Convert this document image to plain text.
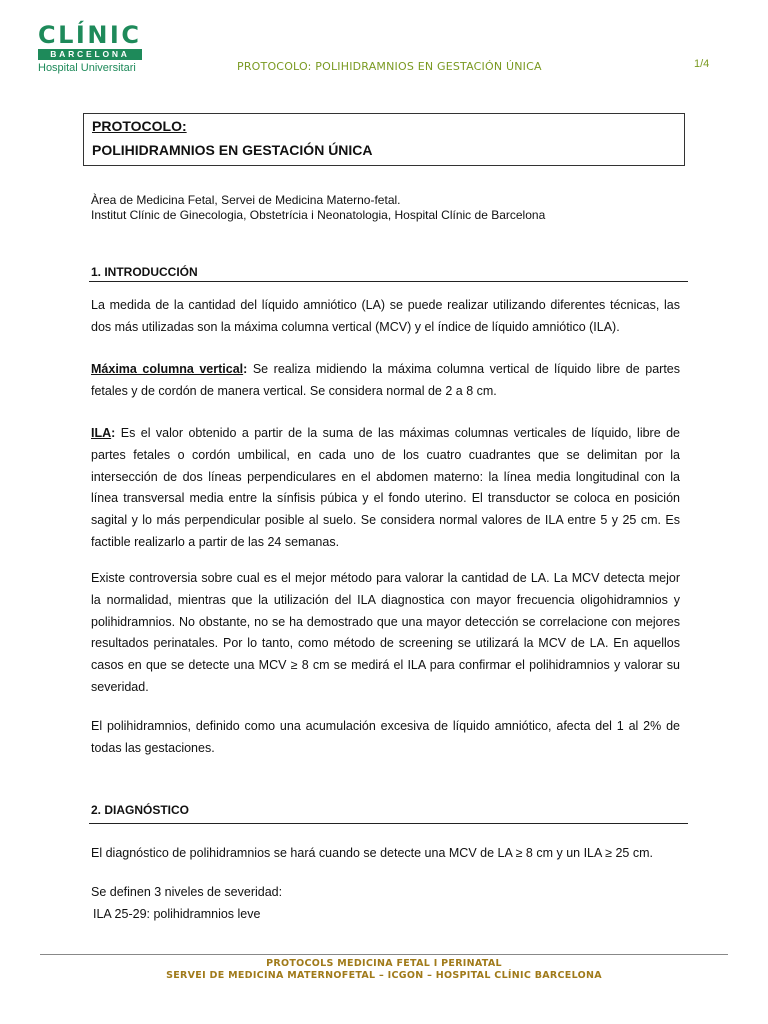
CLÍNIC
BARCELONA
Hospital Universitari	PROTOCOLO: POLIHIDRAMNIOS EN GESTACIÓN ÚNICA	1/4
PROTOCOLO:
POLIHIDRAMNIOS EN GESTACIÓN ÚNICA
Àrea de Medicina Fetal, Servei de Medicina Materno-fetal.
Institut Clínic de Ginecologia, Obstetrícia i Neonatologia, Hospital Clínic de Barcelona
1. INTRODUCCIÓN
La medida de la cantidad del líquido amniótico (LA) se puede realizar utilizando diferentes técnicas, las dos más utilizadas son la máxima columna vertical (MCV) y el índice de líquido amniótico (ILA).
Máxima columna vertical: Se realiza midiendo la máxima columna vertical de líquido libre de partes fetales y de cordón de manera vertical. Se considera normal de 2 a 8 cm.
ILA: Es el valor obtenido a partir de la suma de las máximas columnas verticales de líquido, libre de partes fetales o cordón umbilical, en cada uno de los cuatro cuadrantes que se delimitan por la intersección de dos líneas perpendiculares en el abdomen materno: la línea media longitudinal con la línea transversal media entre la sínfisis púbica y el fondo uterino. El transductor se coloca en posición sagital y lo más perpendicular posible al suelo. Se considera normal valores de ILA entre 5 y 25 cm. Es factible realizarlo a partir de las 24 semanas.
Existe controversia sobre cual es el mejor método para valorar la cantidad de LA. La MCV detecta mejor la normalidad, mientras que la utilización del ILA diagnostica con mayor frecuencia oligohidramnios y polihidramnios. No obstante, no se ha demostrado que una mayor detección se correlacione con mejores resultados perinatales. Por lo tanto, como método de screening se utilizará la MCV de LA. En aquellos casos en que se detecte una MCV ≥ 8 cm se medirá el ILA para confirmar el polihidramnios y valorar su severidad.
El polihidramnios, definido como una acumulación excesiva de líquido amniótico, afecta del 1 al 2% de todas las gestaciones.
2. DIAGNÓSTICO
El diagnóstico de polihidramnios se hará cuando se detecte una MCV de LA ≥ 8 cm y un ILA ≥ 25 cm.
Se definen 3 niveles de severidad:
ILA 25-29: polihidramnios leve
PROTOCOLS MEDICINA FETAL I PERINATAL
SERVEI DE MEDICINA MATERNOFETAL – ICGON – HOSPITAL CLÍNIC BARCELONA
